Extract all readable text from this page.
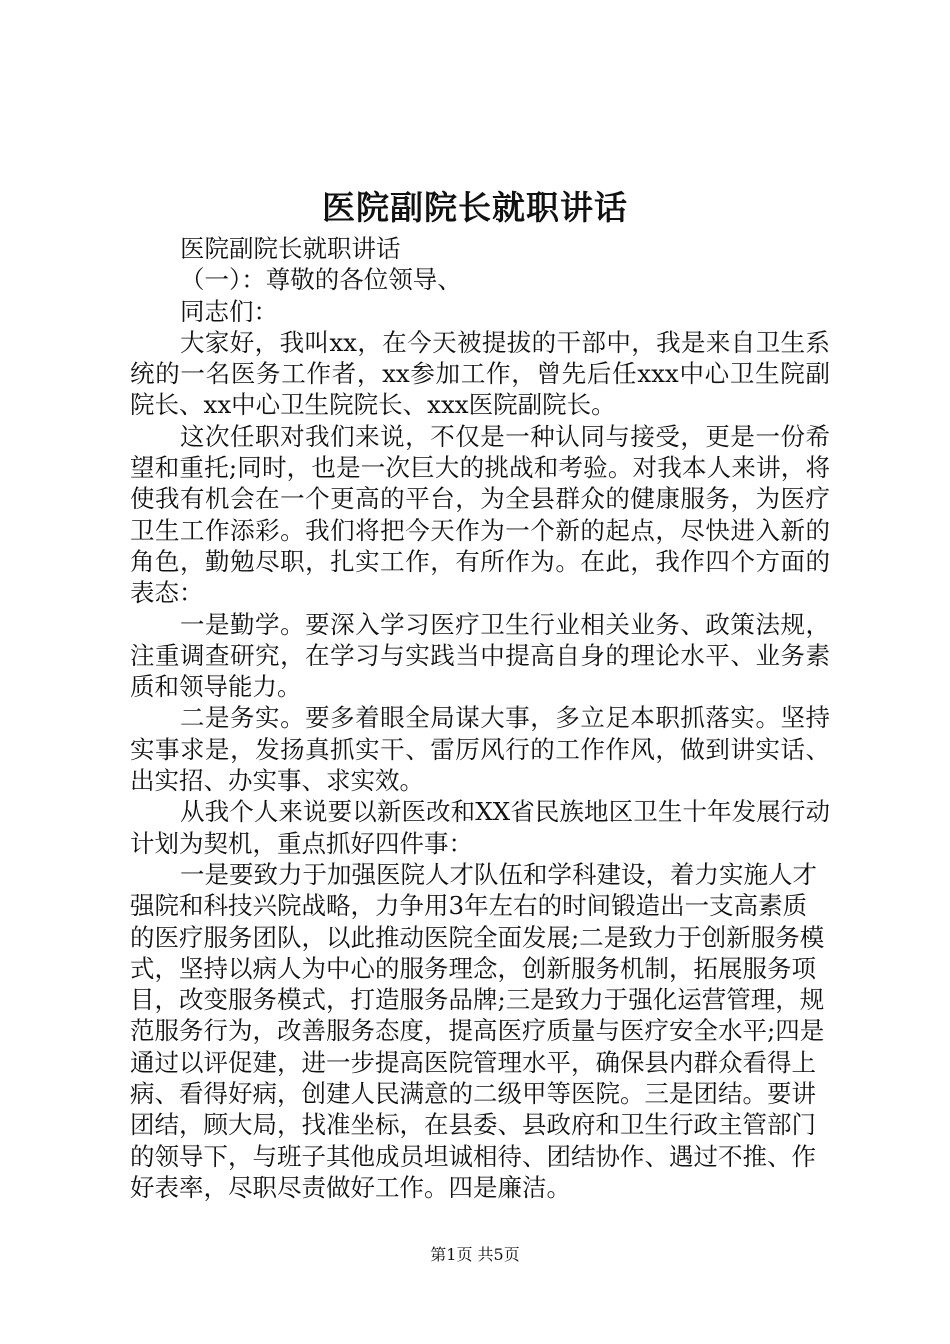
医院副院长就职讲话

医院副院长就职讲话

（一）：尊敬的各位领导、

同志们：

大家好，我叫xx，在今天被提拔的干部中，我是来自卫生系统的一名医务工作者，xx参加工作，曾先后任xxx中心卫生院副院长、xx中心卫生院院长、xxx医院副院长。

这次任职对我们来说，不仅是一种认同与接受，更是一份希望和重托;同时，也是一次巨大的挑战和考验。对我本人来讲，将使我有机会在一个更高的平台，为全县群众的健康服务，为医疗卫生工作添彩。我们将把今天作为一个新的起点，尽快进入新的角色，勤勉尽职，扎实工作，有所作为。在此，我作四个方面的表态：

一是勤学。要深入学习医疗卫生行业相关业务、政策法规，注重调查研究，在学习与实践当中提高自身的理论水平、业务素质和领导能力。

二是务实。要多着眼全局谋大事，多立足本职抓落实。坚持实事求是，发扬真抓实干、雷厉风行的工作作风，做到讲实话、出实招、办实事、求实效。

从我个人来说要以新医改和XX省民族地区卫生十年发展行动计划为契机，重点抓好四件事：

一是要致力于加强医院人才队伍和学科建设，着力实施人才强院和科技兴院战略，力争用3年左右的时间锻造出一支高素质的医疗服务团队，以此推动医院全面发展;二是致力于创新服务模式，坚持以病人为中心的服务理念，创新服务机制，拓展服务项目，改变服务模式，打造服务品牌;三是致力于强化运营管理，规范服务行为，改善服务态度，提高医疗质量与医疗安全水平;四是通过以评促建，进一步提高医院管理水平，确保县内群众看得上病、看得好病，创建人民满意的二级甲等医院。三是团结。要讲团结，顾大局，找准坐标，在县委、县政府和卫生行政主管部门的领导下，与班子其他成员坦诚相待、团结协作、遇过不推、作好表率，尽职尽责做好工作。四是廉洁。

第1页 共5页
